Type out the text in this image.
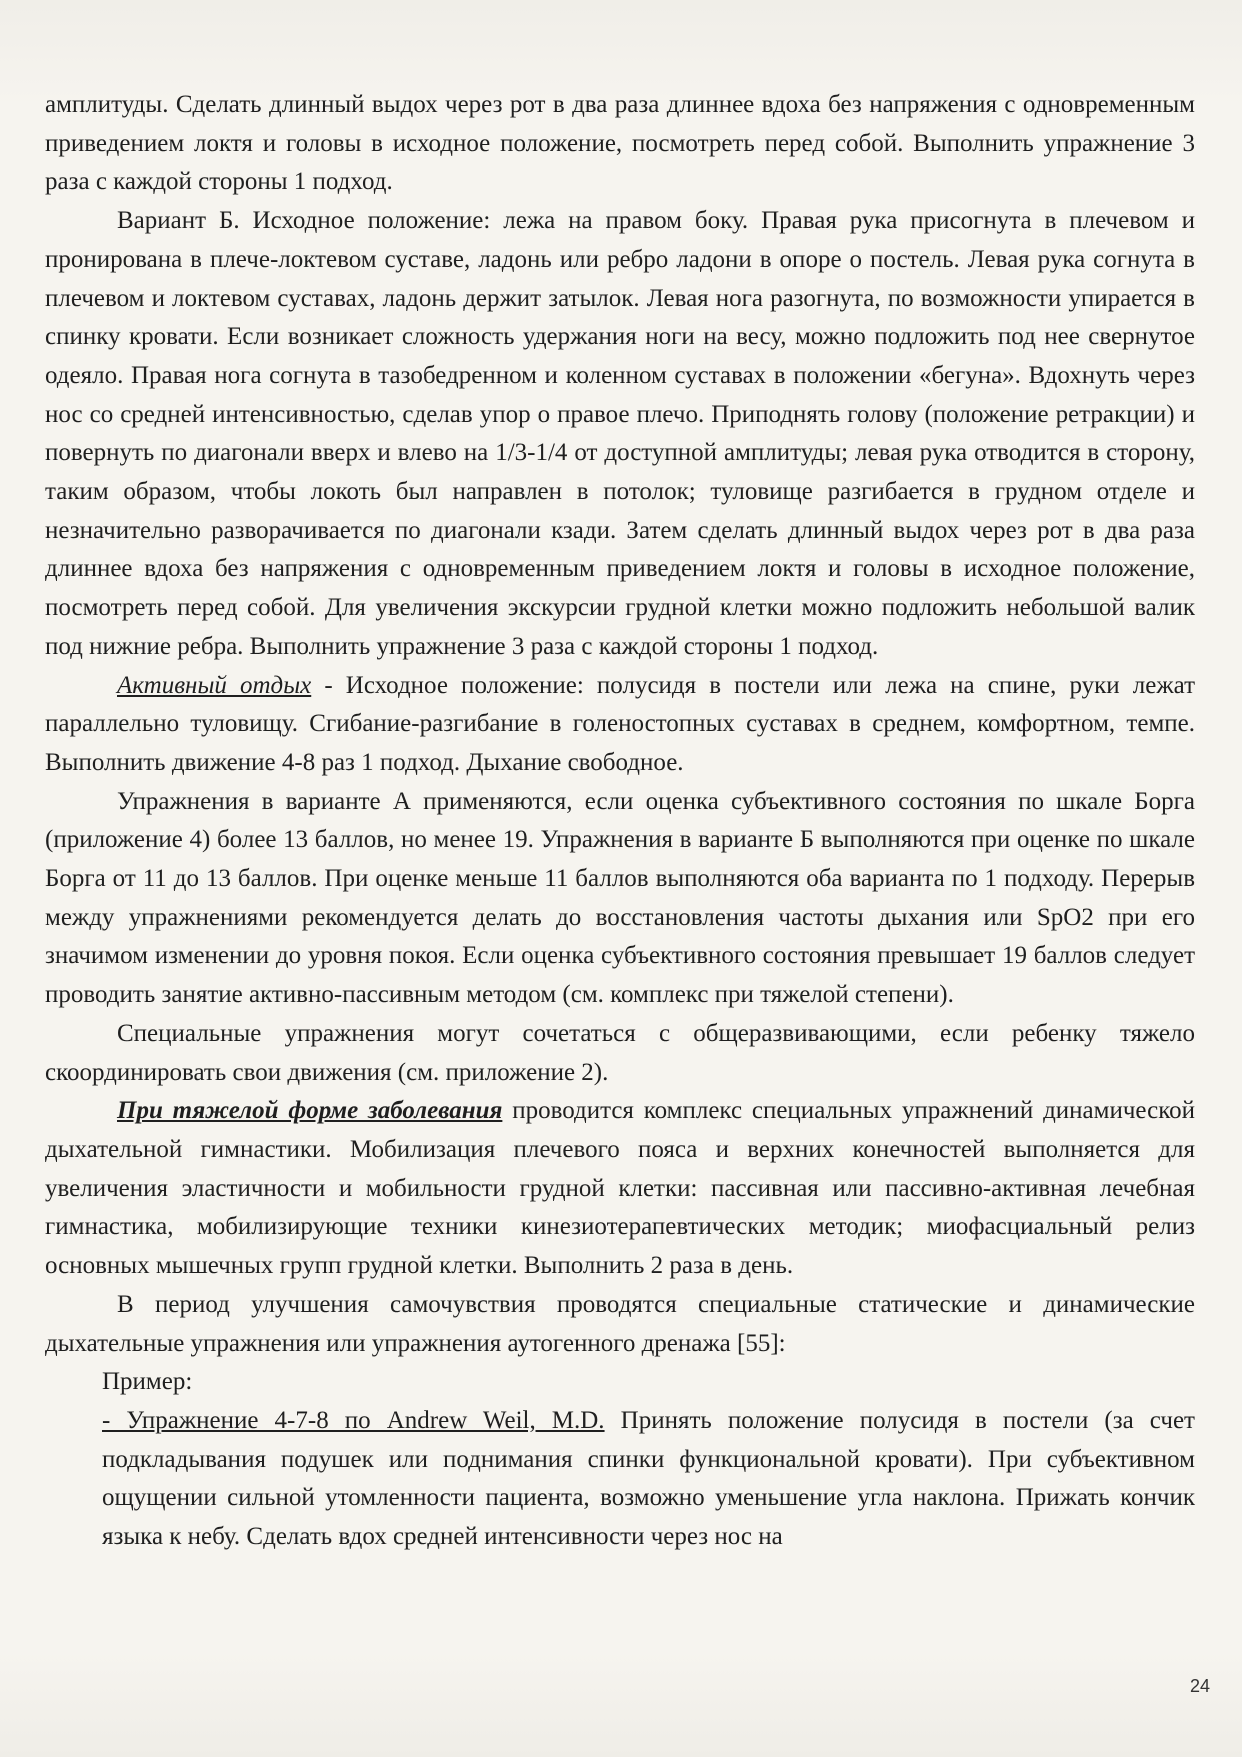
амплитуды. Сделать длинный выдох через рот в два раза длиннее вдоха без напряжения с одновременным приведением локтя и головы в исходное положение, посмотреть перед собой. Выполнить упражнение 3 раза с каждой стороны 1 подход.

Вариант Б. Исходное положение: лежа на правом боку. Правая рука присогнута в плечевом и пронирована в плече-локтевом суставе, ладонь или ребро ладони в опоре о постель. Левая рука согнута в плечевом и локтевом суставах, ладонь держит затылок. Левая нога разогнута, по возможности упирается в спинку кровати. Если возникает сложность удержания ноги на весу, можно подложить под нее свернутое одеяло. Правая нога согнута в тазобедренном и коленном суставах в положении «бегуна». Вдохнуть через нос со средней интенсивностью, сделав упор о правое плечо. Приподнять голову (положение ретракции) и повернуть по диагонали вверх и влево на 1/3-1/4 от доступной амплитуды; левая рука отводится в сторону, таким образом, чтобы локоть был направлен в потолок; туловище разгибается в грудном отделе и незначительно разворачивается по диагонали кзади. Затем сделать длинный выдох через рот в два раза длиннее вдоха без напряжения с одновременным приведением локтя и головы в исходное положение, посмотреть перед собой. Для увеличения экскурсии грудной клетки можно подложить небольшой валик под нижние ребра. Выполнить упражнение 3 раза с каждой стороны 1 подход.

Активный отдых - Исходное положение: полусидя в постели или лежа на спине, руки лежат параллельно туловищу. Сгибание-разгибание в голеностопных суставах в среднем, комфортном, темпе. Выполнить движение 4-8 раз 1 подход. Дыхание свободное.

Упражнения в варианте А применяются, если оценка субъективного состояния по шкале Борга (приложение 4) более 13 баллов, но менее 19. Упражнения в варианте Б выполняются при оценке по шкале Борга от 11 до 13 баллов. При оценке меньше 11 баллов выполняются оба варианта по 1 подходу. Перерыв между упражнениями рекомендуется делать до восстановления частоты дыхания или SpO2 при его значимом изменении до уровня покоя. Если оценка субъективного состояния превышает 19 баллов следует проводить занятие активно-пассивным методом (см. комплекс при тяжелой степени).

Специальные упражнения могут сочетаться с общеразвивающими, если ребенку тяжело скоординировать свои движения (см. приложение 2).

При тяжелой форме заболевания проводится комплекс специальных упражнений динамической дыхательной гимнастики. Мобилизация плечевого пояса и верхних конечностей выполняется для увеличения эластичности и мобильности грудной клетки: пассивная или пассивно-активная лечебная гимнастика, мобилизирующие техники кинезиотерапевтических методик; миофасциальный релиз основных мышечных групп грудной клетки. Выполнить 2 раза в день.

В период улучшения самочувствия проводятся специальные статические и динамические дыхательные упражнения или упражнения аутогенного дренажа [55]:

Пример:

- Упражнение 4-7-8 по Andrew Weil, M.D. Принять положение полусидя в постели (за счет подкладывания подушек или поднимания спинки функциональной кровати). При субъективном ощущении сильной утомленности пациента, возможно уменьшение угла наклона. Прижать кончик языка к небу. Сделать вдох средней интенсивности через нос на

24
